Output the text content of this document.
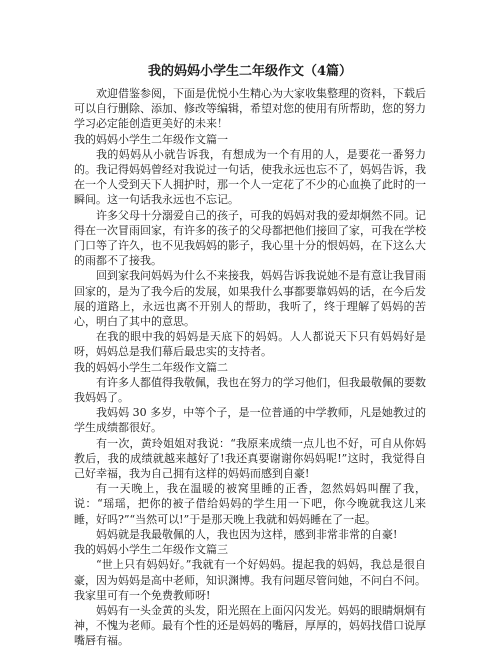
我的妈妈小学生二年级作文（4篇）

欢迎借鉴参阅，下面是优悦小生精心为大家收集整理的资料，下载后可以自行删除、添加、修改等编辑，希望对您的使用有所帮助，您的努力学习必定能创造更美好的未来！

我的妈妈小学生二年级作文篇一

我的妈妈从小就告诉我，有想成为一个有用的人，是要花一番努力的。我记得妈妈曾经对我说过一句话，使我永远也忘不了，妈妈告诉，我在一个人受到天下人拥护时，那一个人一定花了不少的心血换了此时的一瞬间。这一句话我永远也不忘记。

许多父母十分溺爱自己的孩子，可我的妈妈对我的爱却炯然不同。记得在一次冒雨回家，有许多的孩子的父母都把他们接回了家，可我在学校门口等了许久，也不见我妈妈的影子，我心里十分的恨妈妈，在下这么大的雨都不了接我。

回到家我问妈妈为什么不来接我，妈妈告诉我说她不是有意让我冒雨回家的，是为了我今后的发展，如果我什么事都要靠妈妈的话，在今后发展的道路上，永远也离不开别人的帮助，我听了，终于理解了妈妈的苦心，明白了其中的意思。

在我的眼中我的妈妈是天底下的妈妈。人人都说天下只有妈妈好是呀，妈妈总是我们幕后最忠实的支持者。

我的妈妈小学生二年级作文篇二

有许多人都值得我敬佩，我也在努力的学习他们，但我最敬佩的要数我妈妈了。

我妈妈 30 多岁，中等个子，是一位普通的中学教师，凡是她教过的学生成绩都很好。

有一次，黄玲姐姐对我说：“我原来成绩一点儿也不好，可自从你妈教后，我的成绩就越来越好了!我还真要谢谢你妈妈呢!”这时，我觉得自己好幸福，我为自己拥有这样的妈妈而感到自豪!

有一天晚上，我在温暖的被窝里睡的正香，忽然妈妈叫醒了我，说：“瑶瑶，把你的被子借给妈妈的学生用一下吧，你今晚就我这儿来睡，好吗?”“当然可以!”于是那天晚上我就和妈妈睡在了一起。

妈妈就是我最敬佩的人，我也因为这样，感到非常非常的自豪!

我的妈妈小学生二年级作文篇三

“世上只有妈妈好。”我就有一个好妈妈。提起我的妈妈，我总是很自豪，因为妈妈是高中老师，知识渊博。我有问题尽管问她，不问白不问。我家里可有一个免费教师呀!

妈妈有一头金黄的头发，阳光照在上面闪闪发光。妈妈的眼睛炯炯有神，不愧为老师。最有个性的还是妈妈的嘴唇，厚厚的，妈妈找借口说厚嘴唇有福。
